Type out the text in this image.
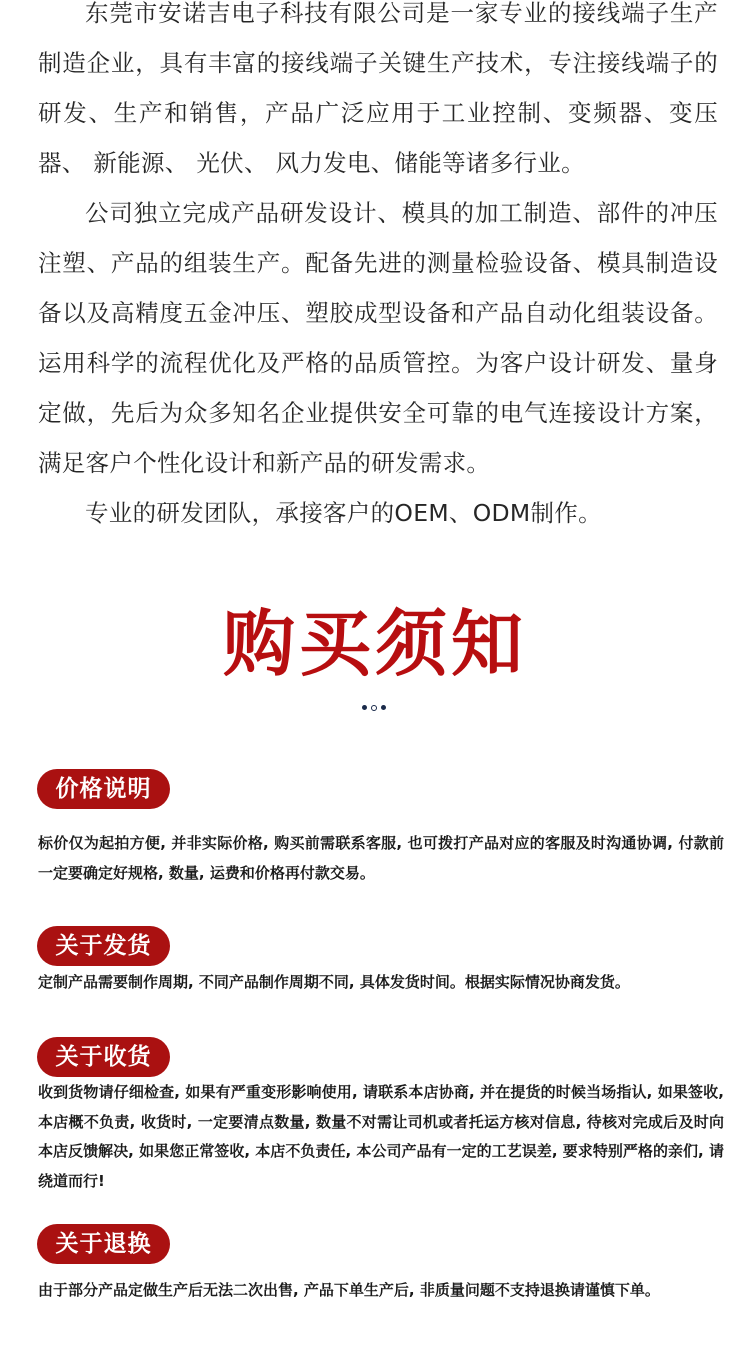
东莞市安诺吉电子科技有限公司是一家专业的接线端子生产制造企业，具有丰富的接线端子关键生产技术，专注接线端子的研发、生产和销售，产品广泛应用于工业控制、变频器、变压器、 新能源、 光伏、 风力发电、储能等诸多行业。

公司独立完成产品研发设计、模具的加工制造、部件的冲压注塑、产品的组装生产。配备先进的测量检验设备、模具制造设备以及高精度五金冲压、塑胶成型设备和产品自动化组装设备。运用科学的流程优化及严格的品质管控。为客户设计研发、量身定做，先后为众多知名企业提供安全可靠的电气连接设计方案， 满足客户个性化设计和新产品的研发需求。

专业的研发团队，承接客户的OEM、ODM制作。

购买须知
价格说明

标价仅为起拍方便, 并非实际价格, 购买前需联系客服, 也可拨打产品对应的客服及时沟通协调, 付款前一定要确定好规格, 数量, 运费和价格再付款交易。

关于发货

定制产品需要制作周期, 不同产品制作周期不同, 具体发货时间。根据实际情况协商发货。

关于收货

收到货物请仔细检查, 如果有严重变形影响使用, 请联系本店协商, 并在提货的时候当场指认, 如果签收, 本店概不负责, 收货时, 一定要清点数量, 数量不对需让司机或者托运方核对信息, 待核对完成后及时向本店反馈解决, 如果您正常签收, 本店不负责任, 本公司产品有一定的工艺误差, 要求特别严格的亲们, 请绕道而行!

关于退换

由于部分产品定做生产后无法二次出售, 产品下单生产后, 非质量问题不支持退换请谨慎下单。
